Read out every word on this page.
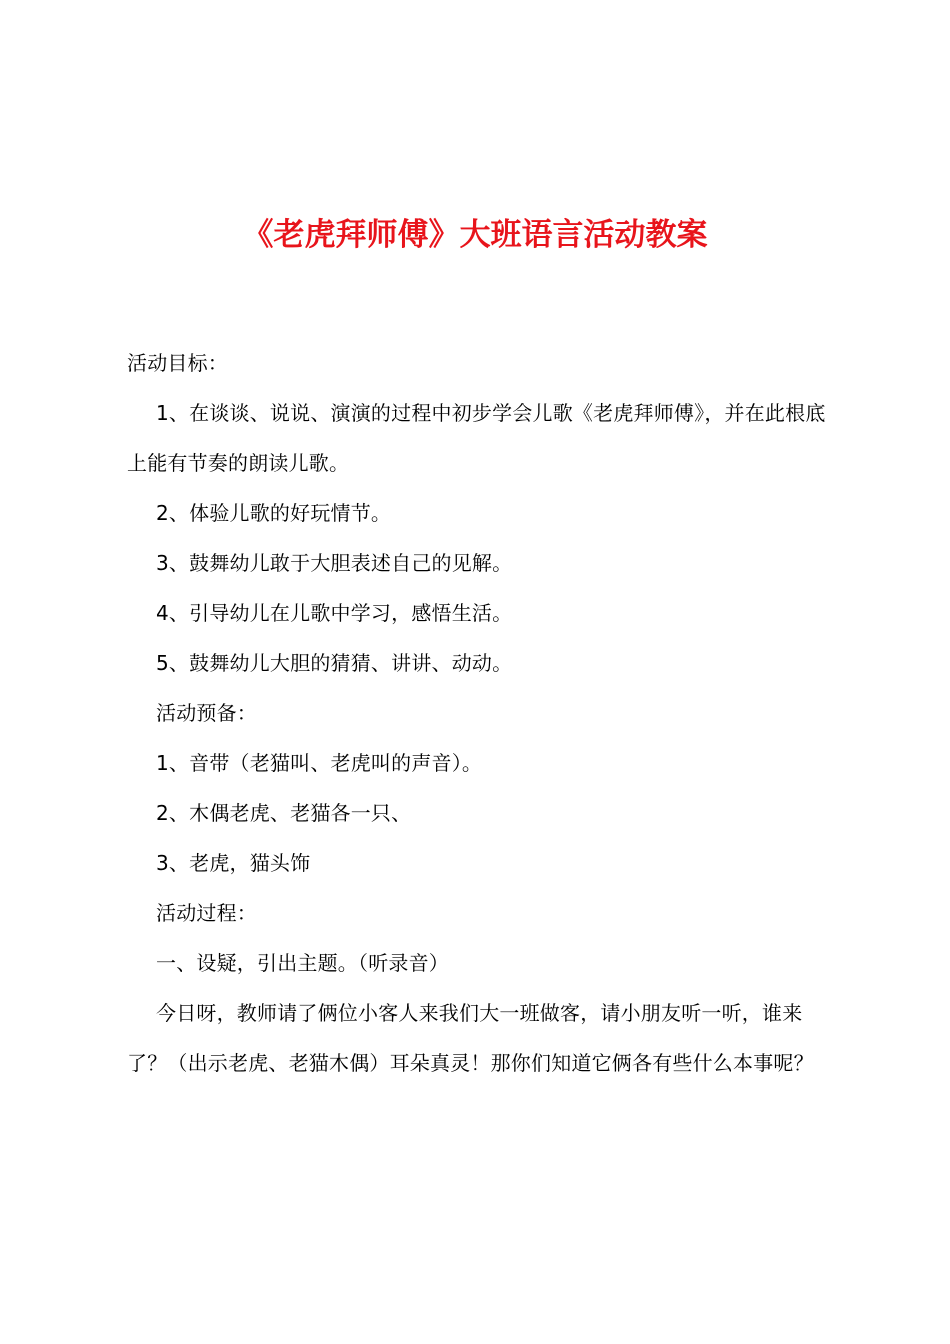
《老虎拜师傅》大班语言活动教案

活动目标：

1、在谈谈、说说、演演的过程中初步学会儿歌《老虎拜师傅》，并在此根底上能有节奏的朗读儿歌。

2、体验儿歌的好玩情节。

3、鼓舞幼儿敢于大胆表述自己的见解。

4、引导幼儿在儿歌中学习，感悟生活。

5、鼓舞幼儿大胆的猜猜、讲讲、动动。

活动预备：

1、音带（老猫叫、老虎叫的声音）。

2、木偶老虎、老猫各一只、

3、老虎，猫头饰

活动过程：

一、设疑，引出主题。（听录音）

今日呀，教师请了俩位小客人来我们大一班做客，请小朋友听一听，谁来了？（出示老虎、老猫木偶）耳朵真灵！那你们知道它俩各有些什么本事呢？
